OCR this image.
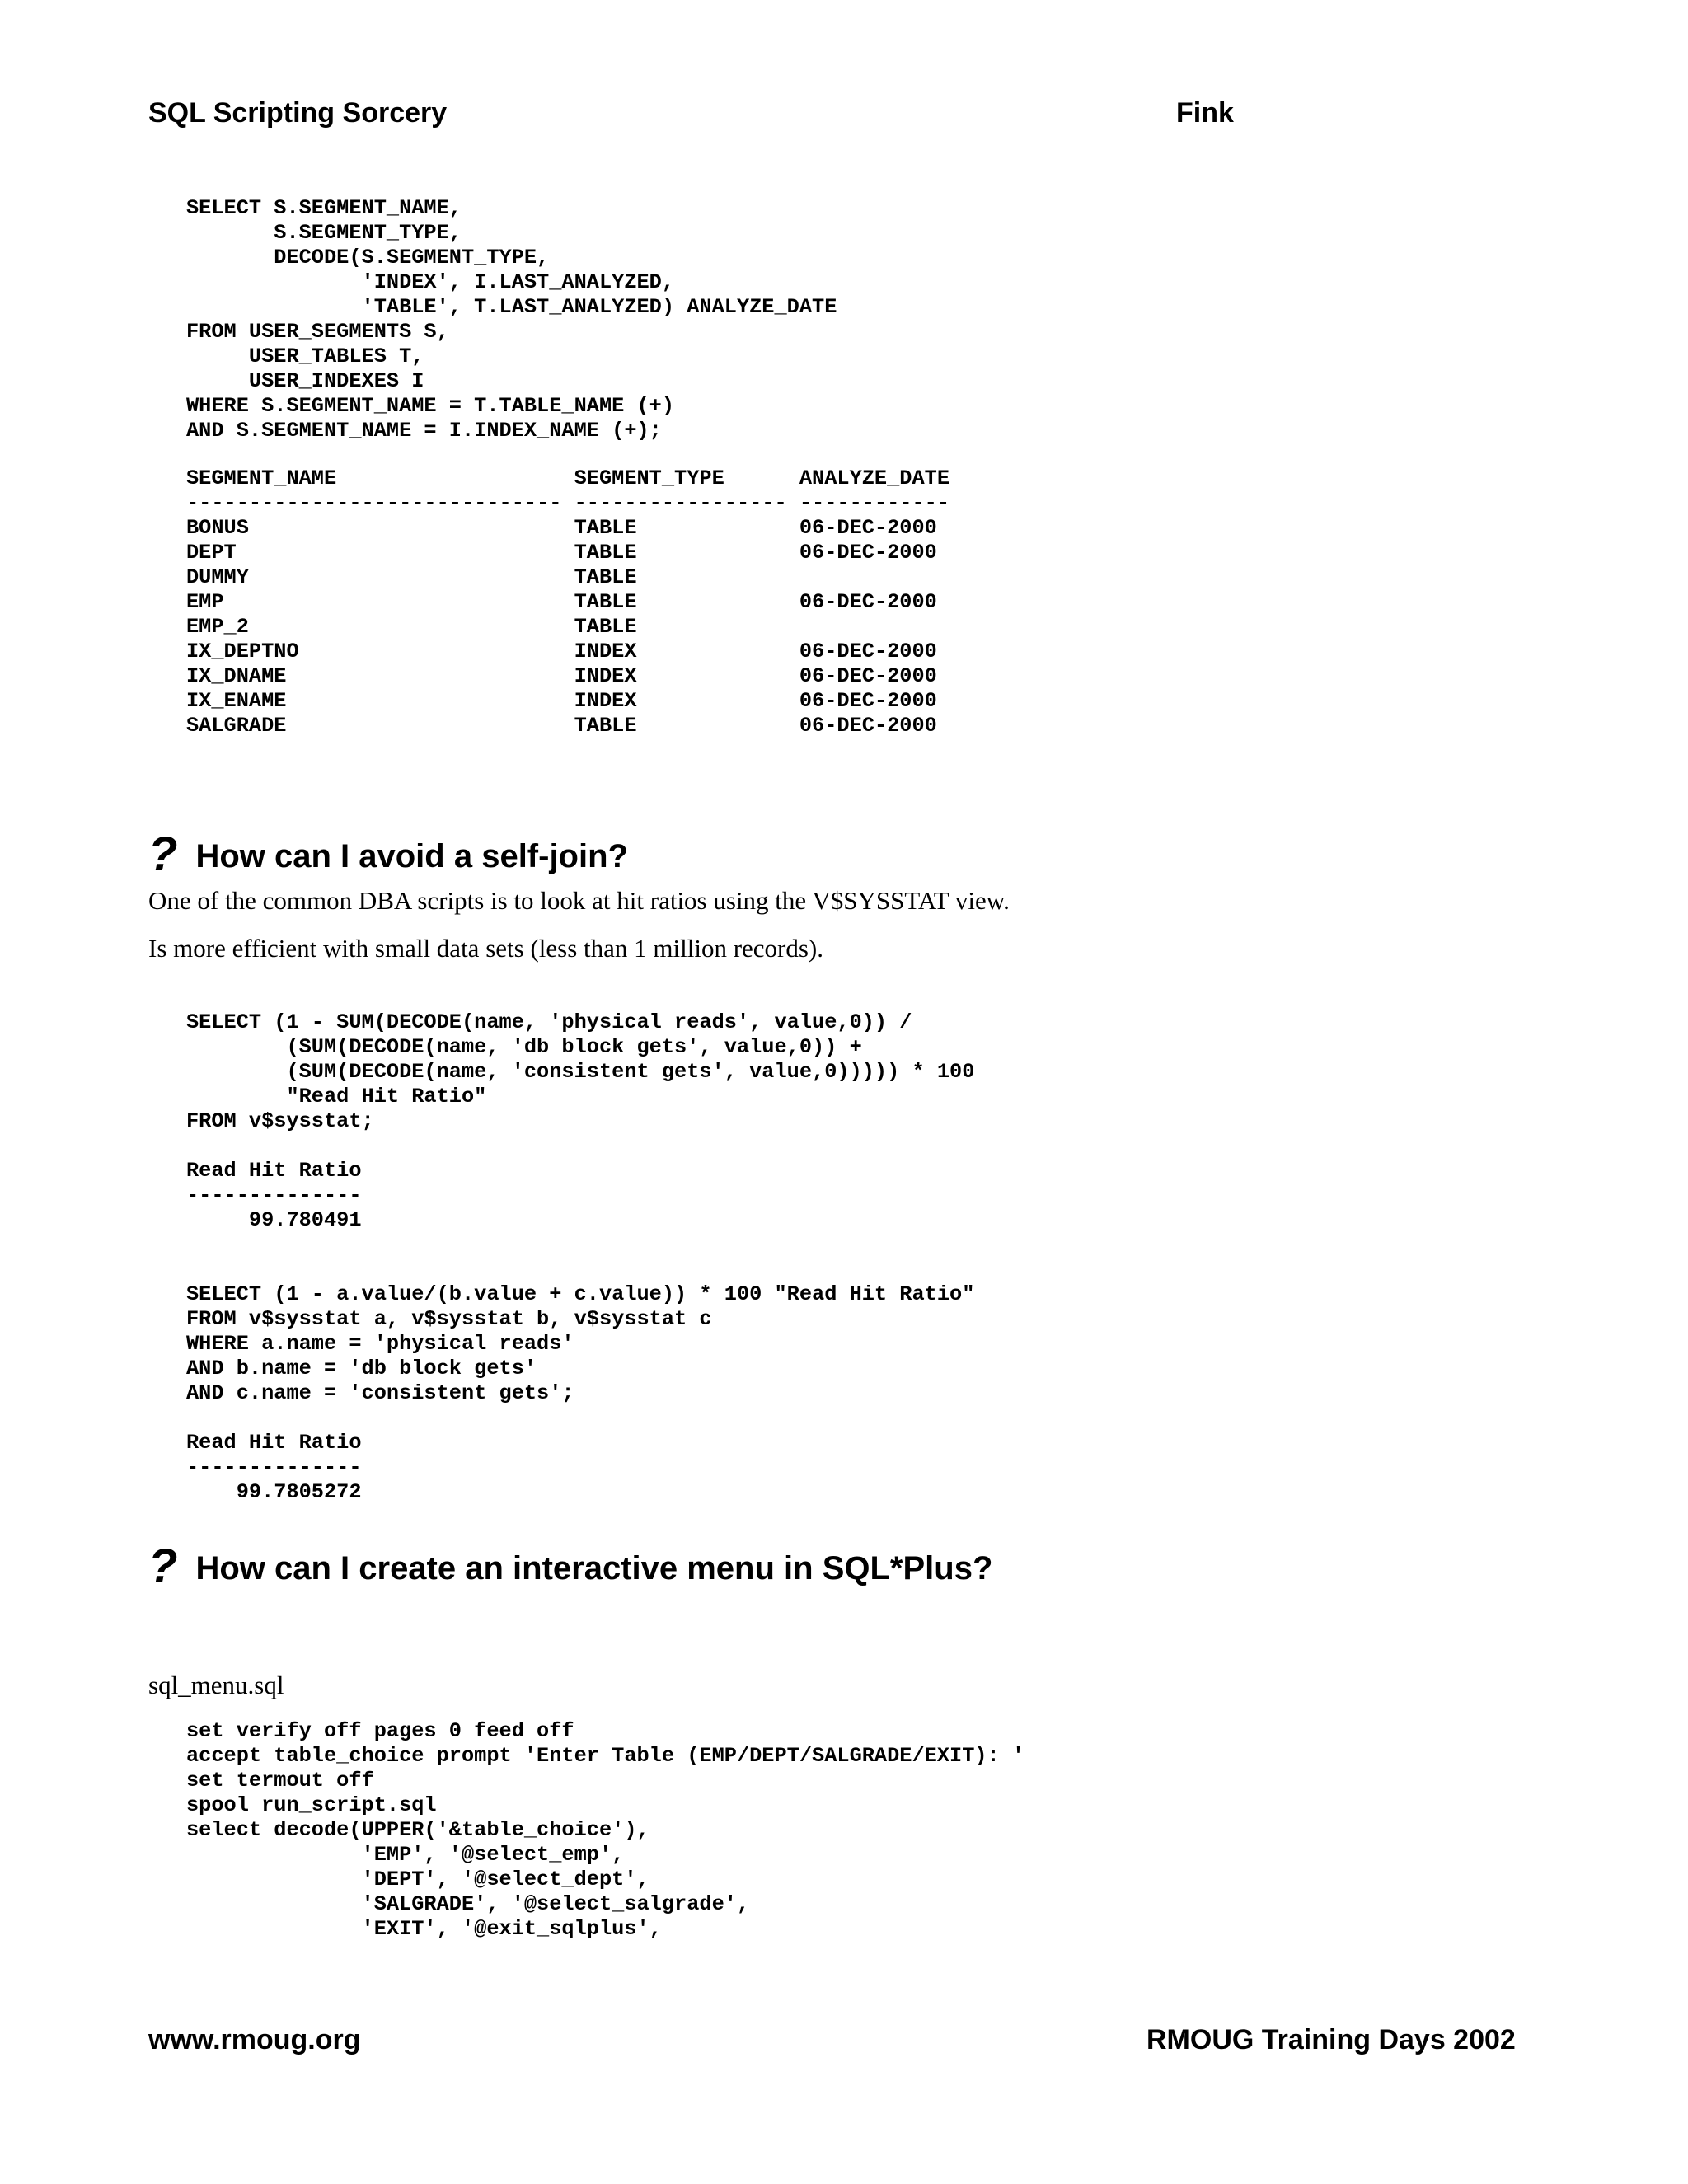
SQL Scripting Sorcery	Fink
SELECT S.SEGMENT_NAME,
S.SEGMENT_TYPE,
DECODE(S.SEGMENT_TYPE,
'INDEX', I.LAST_ANALYZED,
'TABLE', T.LAST_ANALYZED) ANALYZE_DATE
FROM USER_SEGMENTS S,
USER_TABLES T,
USER_INDEXES I
WHERE S.SEGMENT_NAME = T.TABLE_NAME (+)
AND S.SEGMENT_NAME = I.INDEX_NAME (+);
SEGMENT_NAME                   SEGMENT_TYPE      ANALYZE_DATE
------------------------------ ----------------- ------------
BONUS                          TABLE             06-DEC-2000
DEPT                           TABLE             06-DEC-2000
DUMMY                          TABLE
EMP                            TABLE             06-DEC-2000
EMP_2                          TABLE
IX_DEPTNO                      INDEX             06-DEC-2000
IX_DNAME                       INDEX             06-DEC-2000
IX_ENAME                       INDEX             06-DEC-2000
SALGRADE                       TABLE             06-DEC-2000
? How can I avoid a self-join?
One of the common DBA scripts is to look at hit ratios using the V$SYSSTAT view.
Is more efficient with small data sets (less than 1 million records).
SELECT (1 - SUM(DECODE(name, 'physical reads', value,0)) /
(SUM(DECODE(name, 'db block gets', value,0)) +
(SUM(DECODE(name, 'consistent gets', value,0))))) * 100
"Read Hit Ratio"
FROM v$sysstat;
Read Hit Ratio
--------------
99.780491
SELECT (1 - a.value/(b.value + c.value)) * 100 "Read Hit Ratio"
FROM v$sysstat a, v$sysstat b, v$sysstat c
WHERE a.name = 'physical reads'
AND b.name = 'db block gets'
AND c.name = 'consistent gets';
Read Hit Ratio
--------------
99.7805272
? How can I create an interactive menu in SQL*Plus?
sql_menu.sql
set verify off pages 0 feed off
accept table_choice prompt 'Enter Table (EMP/DEPT/SALGRADE/EXIT): '
set termout off
spool run_script.sql
select decode(UPPER('&table_choice'),
'EMP', '@select_emp',
'DEPT', '@select_dept',
'SALGRADE', '@select_salgrade',
'EXIT', '@exit_sqlplus',
www.rmoug.org	RMOUG Training Days 2002
